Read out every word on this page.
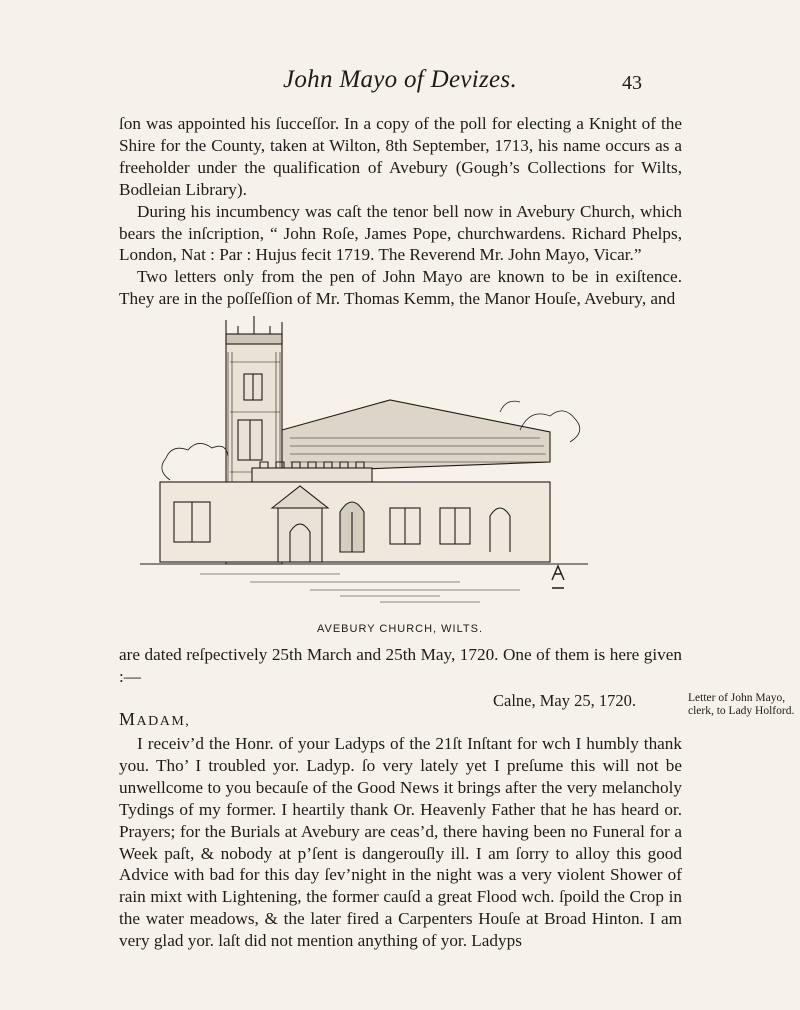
John Mayo of Devizes.	43

ſon was appointed his ſucceſſor. In a copy of the poll for electing a Knight of the Shire for the County, taken at Wilton, 8th September, 1713, his name occurs as a freeholder under the qualification of Avebury (Gough’s Collections for Wilts, Bodleian Library).

During his incumbency was caſt the tenor bell now in Avebury Church, which bears the inſcription, “ John Roſe, James Pope, churchwardens. Richard Phelps, London, Nat : Par : Hujus fecit 1719. The Reverend Mr. John Mayo, Vicar.”

Two letters only from the pen of John Mayo are known to be in exiſtence. They are in the poſſeſſion of Mr. Thomas Kemm, the Manor Houſe, Avebury, and

AVEBURY CHURCH, WILTS.

are dated reſpectively 25th March and 25th May, 1720. One of them is here given :—

Calne, May 25, 1720.
MADAM,

I receiv’d the Honr. of your Ladyps of the 21ſt Inſtant for wch I humbly thank you. Tho’ I troubled yor. Ladyp. ſo very lately yet I preſume this will not be unwellcome to you becauſe of the Good News it brings after the very melancholy Tydings of my former. I heartily thank Or. Heavenly Father that he has heard or. Prayers; for the Burials at Avebury are ceas’d, there having been no Funeral for a Week paſt, & nobody at p’ſent is dangerouſly ill. I am ſorry to alloy this good Advice with bad for this day ſev’night in the night was a very violent Shower of rain mixt with Lightening, the former cauſd a great Flood wch. ſpoild the Crop in the water meadows, & the later fired a Carpenters Houſe at Broad Hinton. I am very glad yor. laſt did not mention anything of yor. Ladyps

Letter of John Mayo, clerk, to Lady Holford.
